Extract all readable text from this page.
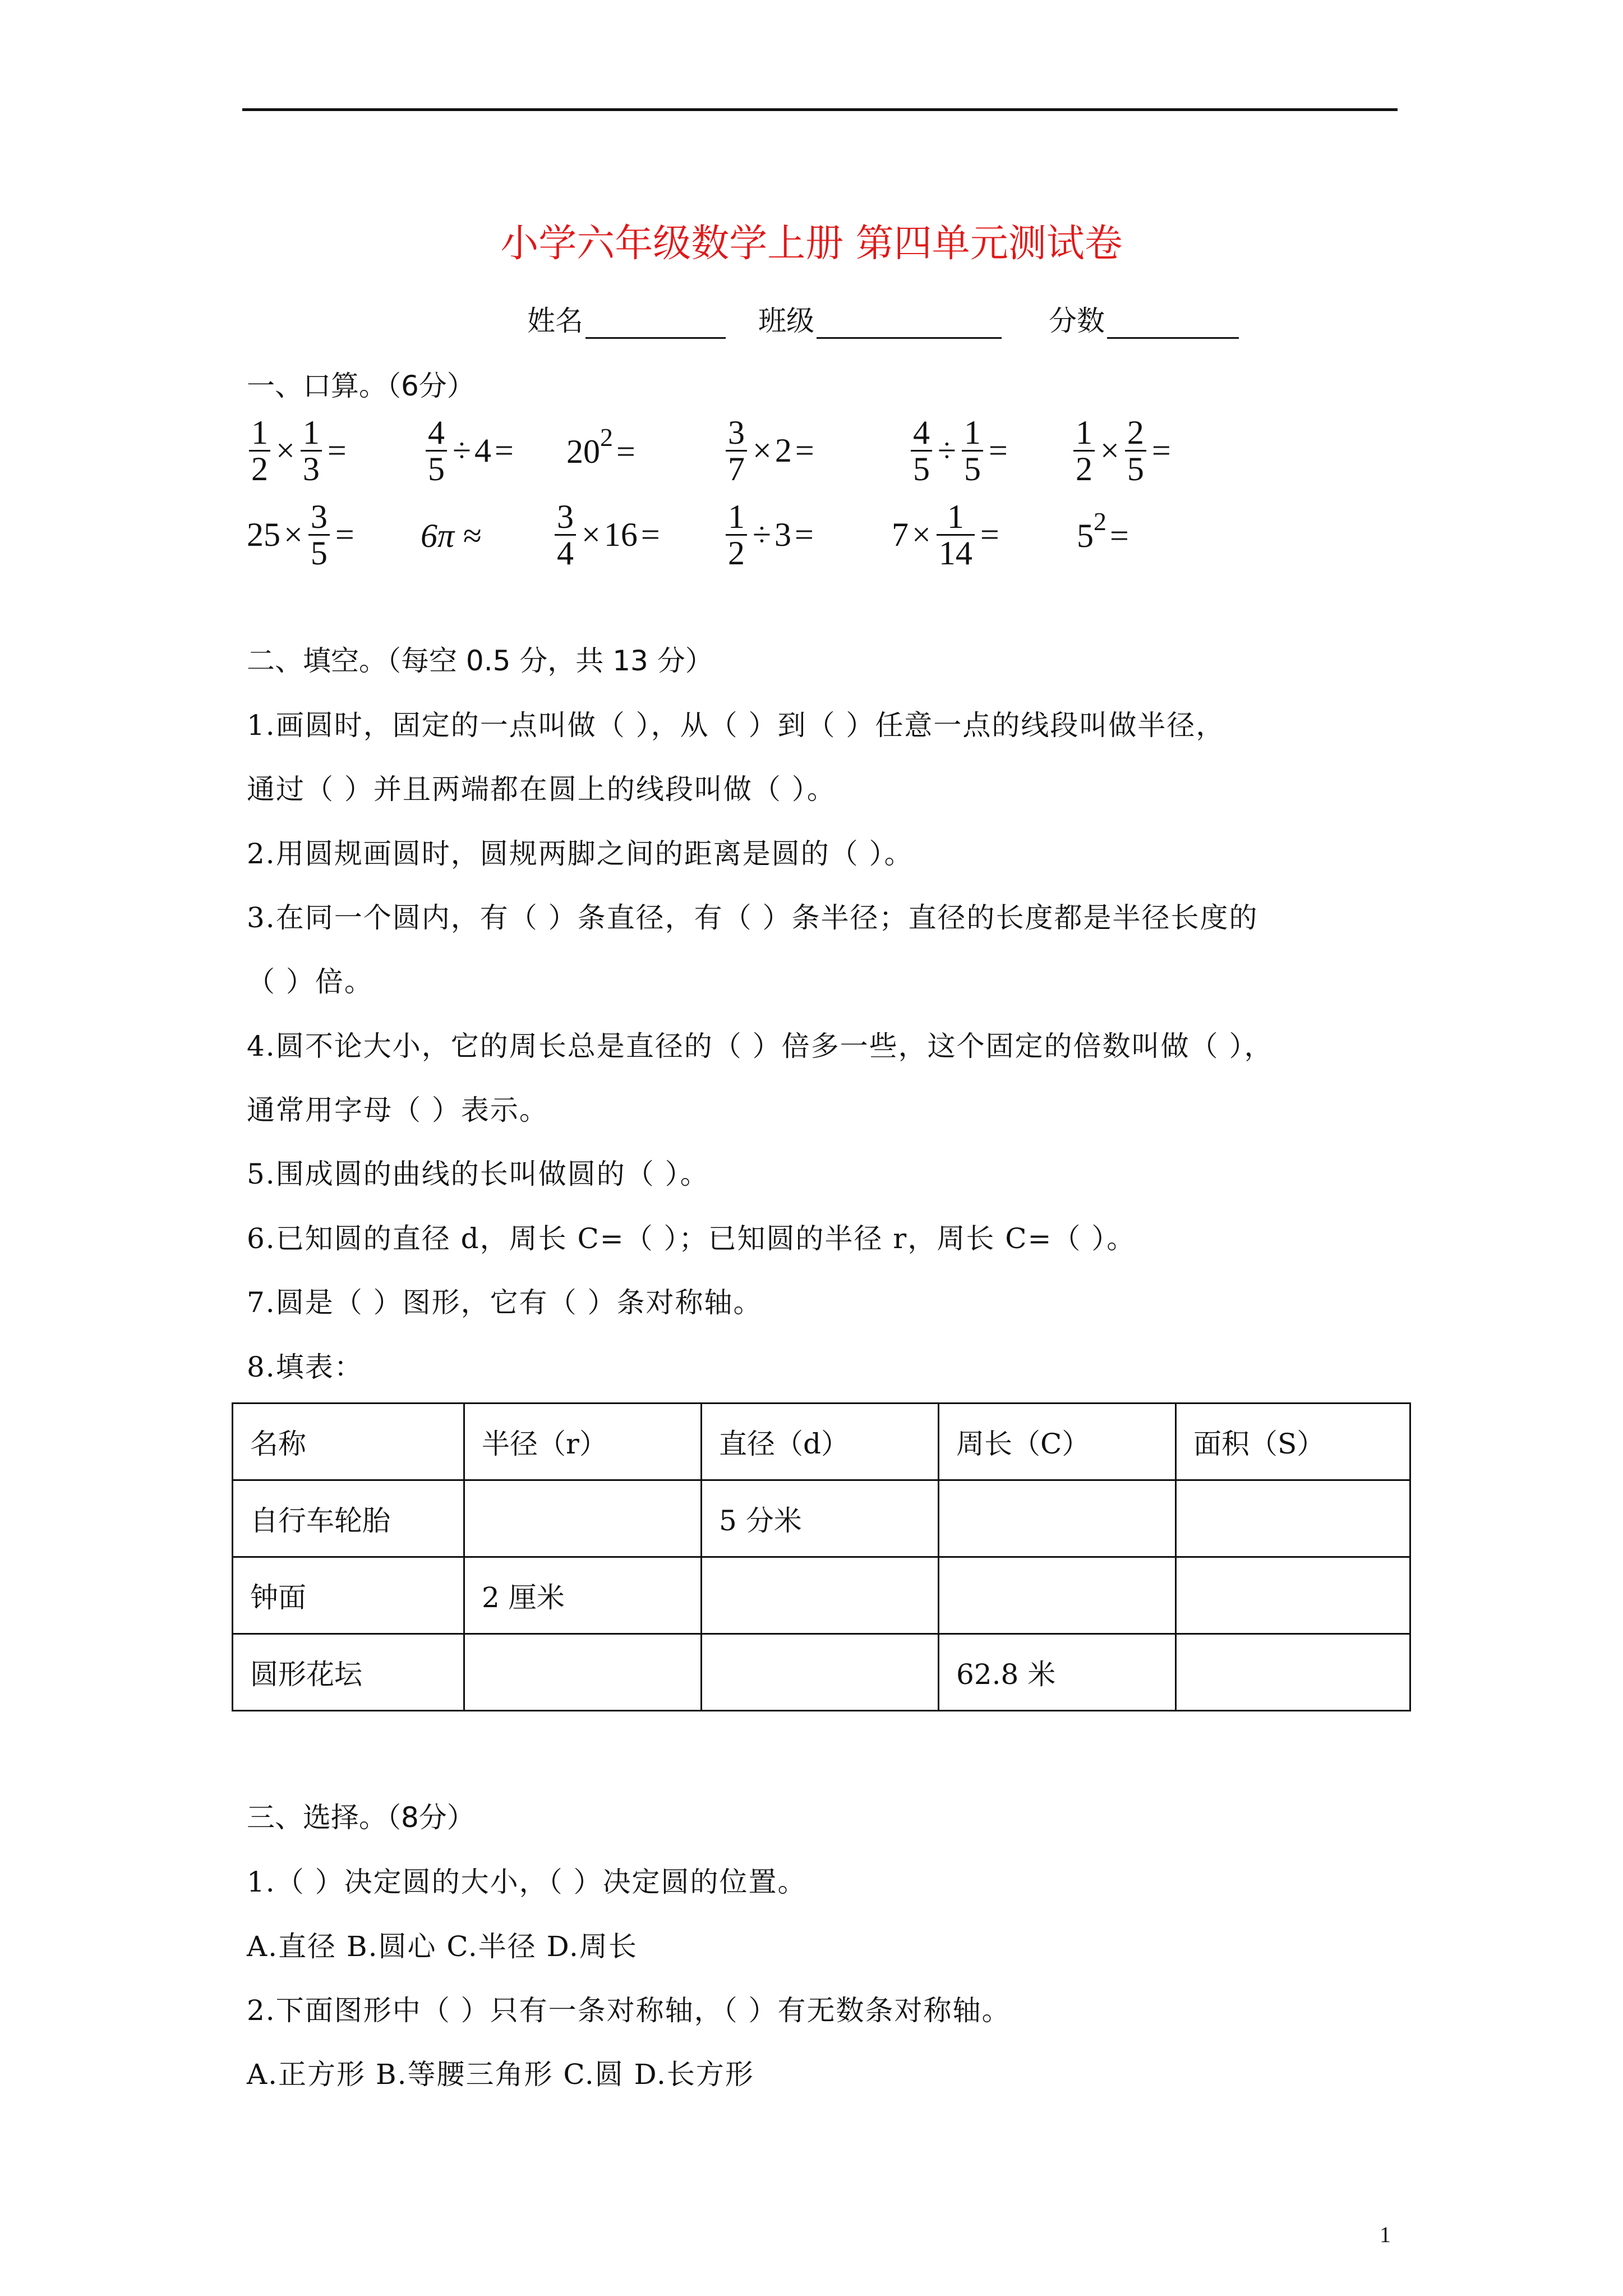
小学六年级数学上册 第四单元测试卷
姓名	班级	分数
一、口算。（6分）
$\frac{1}{2} \times \frac{1}{3} = \frac{4}{5} \div 4 = 20$ 2 =	$\frac{3}{7} \times 2$ =	$\frac{4}{5} \div \frac{1}{5} = \frac{1}{2} \times \frac{2}{5}$ =
$25 \times \frac{3}{5} = 6\pi \approx \frac{3}{4} \times 16 = \frac{1}{2} \div 3 = 7 \times \frac{1}{14} = 5$ 2 =
二、填空。（每空 0.5 分，共 13 分）
1.画圆时，固定的一点叫做（ ），从（ ）到（ ）任意一点的线段叫做半径，
通过（ ）并且两端都在圆上的线段叫做（ ）。
2.用圆规画圆时，圆规两脚之间的距离是圆的（ ）。
3.在同一个圆内，有（ ）条直径，有（ ）条半径；直径的长度都是半径长度的
（ ）倍。
4.圆不论大小，它的周长总是直径的（ ）倍多一些，这个固定的倍数叫做（ ），
通常用字母（ ）表示。
5.围成圆的曲线的长叫做圆的（ ）。
6.已知圆的直径 d，周长 C=（ ）；已知圆的半径 r，周长 C=（ ）。
7.圆是（ ）图形，它有（ ）条对称轴。
8.填表：
名称	半径（r）	直径（d）	周长（C）	面积（S）
自行车轮胎		5 分米		
钟面	2 厘米			
圆形花坛			62.8 米	
三、选择。（8分）
1.（ ）决定圆的大小，（ ）决定圆的位置。
A.直径 B.圆心 C.半径 D.周长
2.下面图形中（ ）只有一条对称轴，（ ）有无数条对称轴。
A.正方形 B.等腰三角形 C.圆 D.长方形
1
